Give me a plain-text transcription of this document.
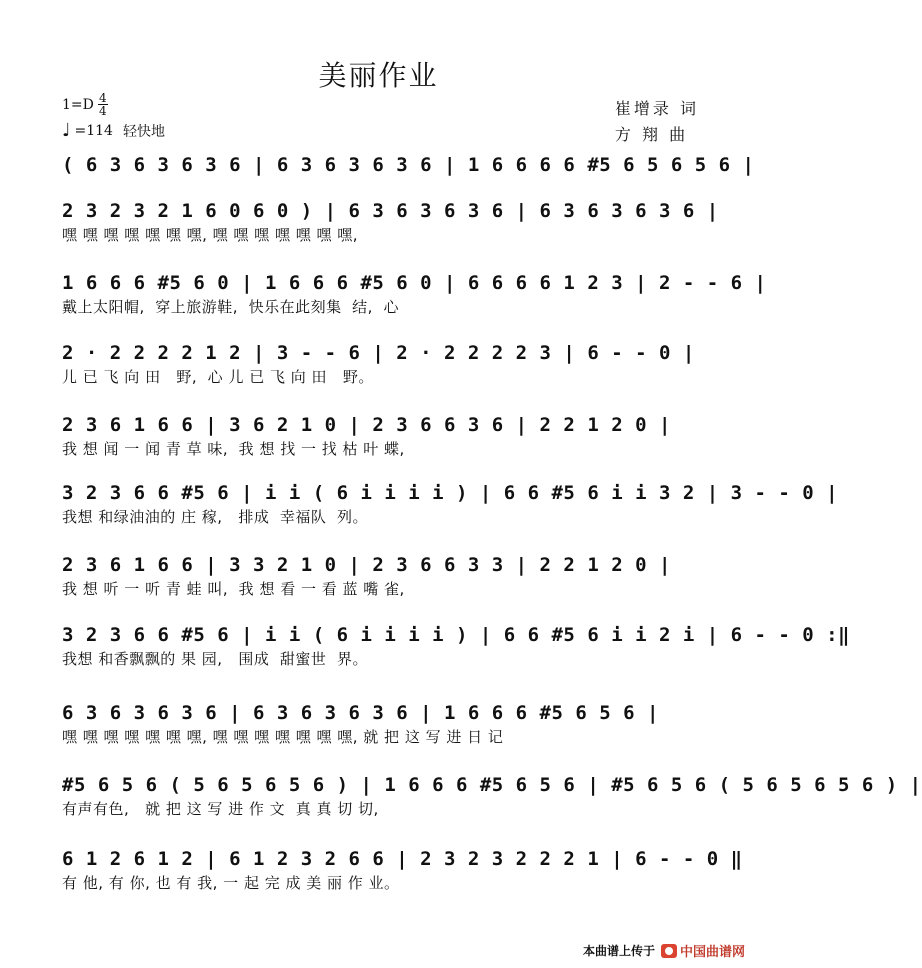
美丽作业
$1=D \frac{4}{4}$
♩ =114 轻快地
崔增录 词
方 翔 曲
( 6 3 6 3 6 3 6 | 6 3 6 3 6 3 6 | 1 6 6 6 6 #5 6 5 6 5 6 |
2 3 2 3 2 1 6 0 6 0 ) | 6 3 6 3 6 3 6 | 6 3 6 3 6 3 6 |
嘿 嘿 嘿 嘿 嘿 嘿 嘿, 嘿 嘿 嘿 嘿 嘿 嘿 嘿,
1 6 6 6 #5 6 0 | 1 6 6 6 #5 6 0 | 6 6 6 6 1 2 3 | 2 - - 6 |
戴上太阳帽,  穿上旅游鞋,  快乐在此刻集  结,  心
2 · 2 2 2 2 1 2 | 3 - - 6 | 2 · 2 2 2 2 3 | 6 - - 0 |
儿 已 飞 向 田   野,  心 儿 已 飞 向 田   野。
2 3 6 1 6 6 | 3 6 2 1 0 | 2 3 6 6 3 6 | 2 2 1 2 0 |
我 想 闻 一 闻 青 草 味,  我 想 找 一 找 枯 叶 蝶,
3 2 3 6 6 #5 6 | i i ( 6 i i i i ) | 6 6 #5 6 i i 3 2 | 3 - - 0 |
我想 和绿油油的 庄 稼,   排成  幸福队  列。
2 3 6 1 6 6 | 3 3 2 1 0 | 2 3 6 6 3 3 | 2 2 1 2 0 |
我 想 听 一 听 青 蛙 叫,  我 想 看 一 看 蓝 嘴 雀,
3 2 3 6 6 #5 6 | i i ( 6 i i i i ) | 6 6 #5 6 i i 2 i | 6 - - 0 :‖
我想 和香飘飘的 果 园,   围成  甜蜜世  界。
6 3 6 3 6 3 6 | 6 3 6 3 6 3 6 | 1 6 6 6 #5 6 5 6 |
嘿 嘿 嘿 嘿 嘿 嘿 嘿, 嘿 嘿 嘿 嘿 嘿 嘿 嘿, 就 把 这 写 进 日 记
#5 6 5 6 ( 5 6 5 6 5 6 ) | 1 6 6 6 #5 6 5 6 | #5 6 5 6 ( 5 6 5 6 5 6 ) |
有声有色,   就 把 这 写 进 作 文  真 真 切 切,
6 1 2 6 1 2 | 6 1 2 3 2 6 6 | 2 3 2 3 2 2 2 1 | 6 - - 0 ‖
有 他, 有 你, 也 有 我, 一 起 完 成 美 丽 作 业。
本曲谱上传于 中国曲谱网
